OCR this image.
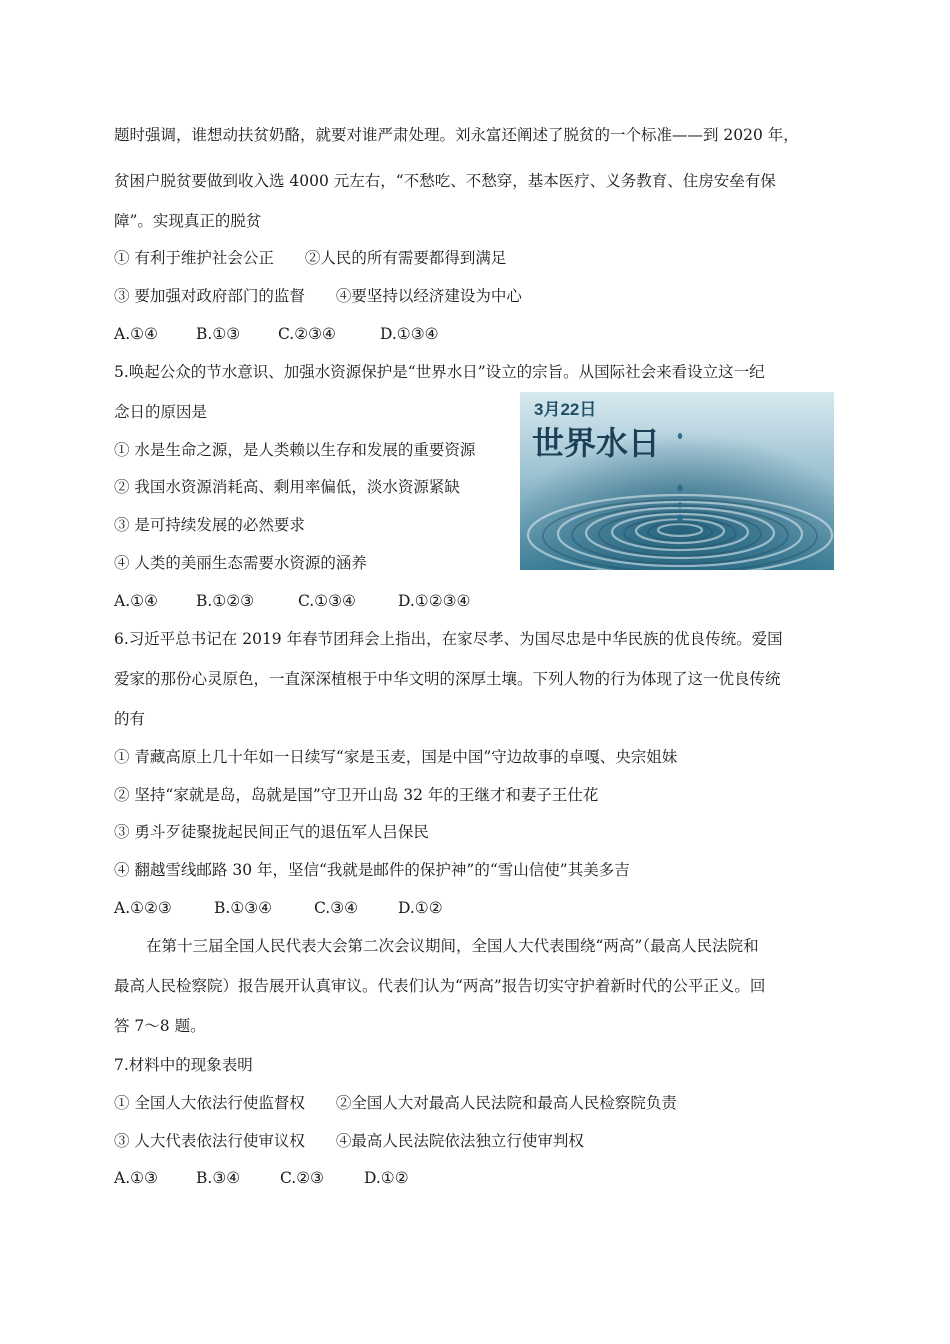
题时强调，谁想动扶贫奶酪，就要对谁严肃处理。刘永富还阐述了脱贫的一个标准——到 2020 年，
贫困户脱贫要做到收入选 4000 元左右，“不愁吃、不愁穿，基本医疗、义务教育、住房安垒有保
障”。实现真正的脱贫
① 有利于维护社会公正　　②人民的所有需要都得到满足
③ 要加强对政府部门的监督　　④要坚持以经济建设为中心
A.①④ B.①③ C.②③④	D.①③④
5.唤起公众的节水意识、加强水资源保护是“世界水日”设立的宗旨。从国际社会来看设立这一纪
念日的原因是
① 水是生命之源，是人类赖以生存和发展的重要资源
② 我国水资源消耗高、剩用率偏低，淡水资源紧缺
③ 是可持续发展的必然要求
④ 人类的美丽生态需要水资源的涵养
A.①④ B.①②③	C.①③④	D.①②③④
3月22日
世界水日
6.习近平总书记在 2019 年春节团拜会上指出，在家尽孝、为国尽忠是中华民族的优良传统。爱国
爱家的那份心灵原色，一直深深植根于中华文明的深厚土壤。下列人物的行为体现了这一优良传统
的有
① 青藏高原上几十年如一日续写“家是玉麦，国是中国”守边故事的卓嘎、央宗姐妹
② 坚持“家就是岛，岛就是国”守卫开山岛 32 年的王继才和妻子王仕花
③ 勇斗歹徒聚拢起民间正气的退伍军人吕保民
④ 翻越雪线邮路 30 年，坚信“我就是邮件的保护神”的“雪山信使”其美多吉
A.①②③	B.①③④	C.③④	D.①②
在第十三届全国人民代表大会第二次会议期间，全国人大代表围绕“两高”（最高人民法院和
最高人民检察院）报告展开认真审议。代表们认为“两高”报告切实守护着新时代的公平正义。回
答 7～8 题。
7.材料中的现象表明
① 全国人大依法行使监督权　　②全国人大对最高人民法院和最高人民检察院负责
③ 人大代表依法行使审议权　　④最高人民法院依法独立行使审判权
A.①③ B.③④	C.②③	D.①②
